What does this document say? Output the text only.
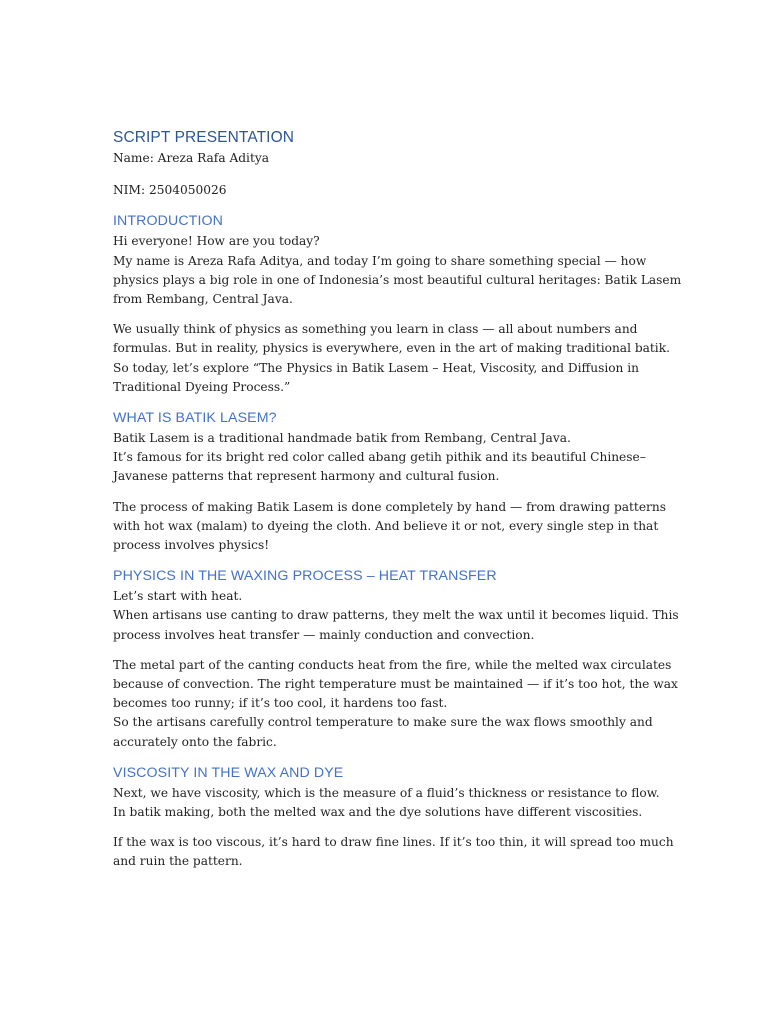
SCRIPT PRESENTATION

Name: Areza Rafa Aditya

NIM: 2504050026

INTRODUCTION

Hi everyone! How are you today?

My name is Areza Rafa Aditya, and today I’m going to share something special — how

physics plays a big role in one of Indonesia’s most beautiful cultural heritages: Batik Lasem

from Rembang, Central Java.

We usually think of physics as something you learn in class — all about numbers and

formulas. But in reality, physics is everywhere, even in the art of making traditional batik.

So today, let’s explore “The Physics in Batik Lasem – Heat, Viscosity, and Diffusion in

Traditional Dyeing Process.”

WHAT IS BATIK LASEM?

Batik Lasem is a traditional handmade batik from Rembang, Central Java.

It’s famous for its bright red color called abang getih pithik and its beautiful Chinese–

Javanese patterns that represent harmony and cultural fusion.

The process of making Batik Lasem is done completely by hand — from drawing patterns

with hot wax (malam) to dyeing the cloth. And believe it or not, every single step in that

process involves physics!

PHYSICS IN THE WAXING PROCESS – HEAT TRANSFER

Let’s start with heat.

When artisans use canting to draw patterns, they melt the wax until it becomes liquid. This

process involves heat transfer — mainly conduction and convection.

The metal part of the canting conducts heat from the fire, while the melted wax circulates

because of convection. The right temperature must be maintained — if it’s too hot, the wax

becomes too runny; if it’s too cool, it hardens too fast.

So the artisans carefully control temperature to make sure the wax flows smoothly and

accurately onto the fabric.

VISCOSITY IN THE WAX AND DYE

Next, we have viscosity, which is the measure of a fluid’s thickness or resistance to flow.

In batik making, both the melted wax and the dye solutions have different viscosities.

If the wax is too viscous, it’s hard to draw fine lines. If it’s too thin, it will spread too much

and ruin the pattern.
